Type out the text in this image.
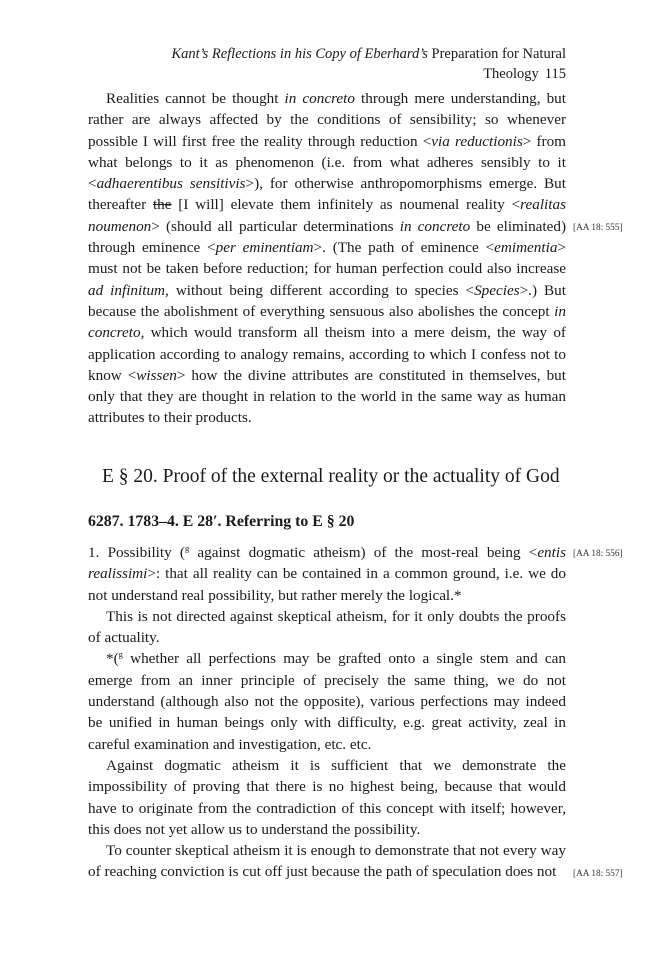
Kant’s Reflections in his Copy of Eberhard’s Preparation for Natural Theology 115

Realities cannot be thought in concreto through mere understanding, but rather are always affected by the conditions of sensibility; so whenever possible I will first free the reality through reduction <via reductionis> from what belongs to it as phenomenon (i.e. from what adheres sensibly to it <adhaerentibus sensitivis>), for otherwise anthropomorphisms emerge. But thereafter the [I will] elevate them infinitely as noumenal reality <realitas noumenon> (should all particular determinations in concreto be eliminated) through eminence <per eminentiam>. (The path of eminence <emimentia> must not be taken before reduction; for human perfection could also increase ad infinitum, without being different according to species <Species>.) But because the abolishment of everything sensuous also abolishes the concept in concreto, which would transform all theism into a mere deism, the way of application according to analogy remains, according to which I confess not to know <wissen> how the divine attributes are constituted in themselves, but only that they are thought in relation to the world in the same way as human attributes to their products.

[AA 18: 555]
E § 20. Proof of the external reality or the actuality of God
6287. 1783–4. E 28′. Referring to E § 20

1. Possibility ($^g$ against dogmatic atheism) of the most-real being <entis realissimi>: that all reality can be contained in a common ground, i.e. we do not understand real possibility, but rather merely the logical.*

This is not directed against skeptical atheism, for it only doubts the proofs of actuality.

*($^g$ whether all perfections may be grafted onto a single stem and can emerge from an inner principle of precisely the same thing, we do not understand (although also not the opposite), various perfections may indeed be unified in human beings only with difficulty, e.g. great activity, zeal in careful examination and investigation, etc. etc.

Against dogmatic atheism it is sufficient that we demonstrate the impossibility of proving that there is no highest being, because that would have to originate from the contradiction of this concept with itself; however, this does not yet allow us to understand the possibility.

To counter skeptical atheism it is enough to demonstrate that not every way of reaching conviction is cut off just because the path of speculation does not

[AA 18: 556]
[AA 18: 557]
